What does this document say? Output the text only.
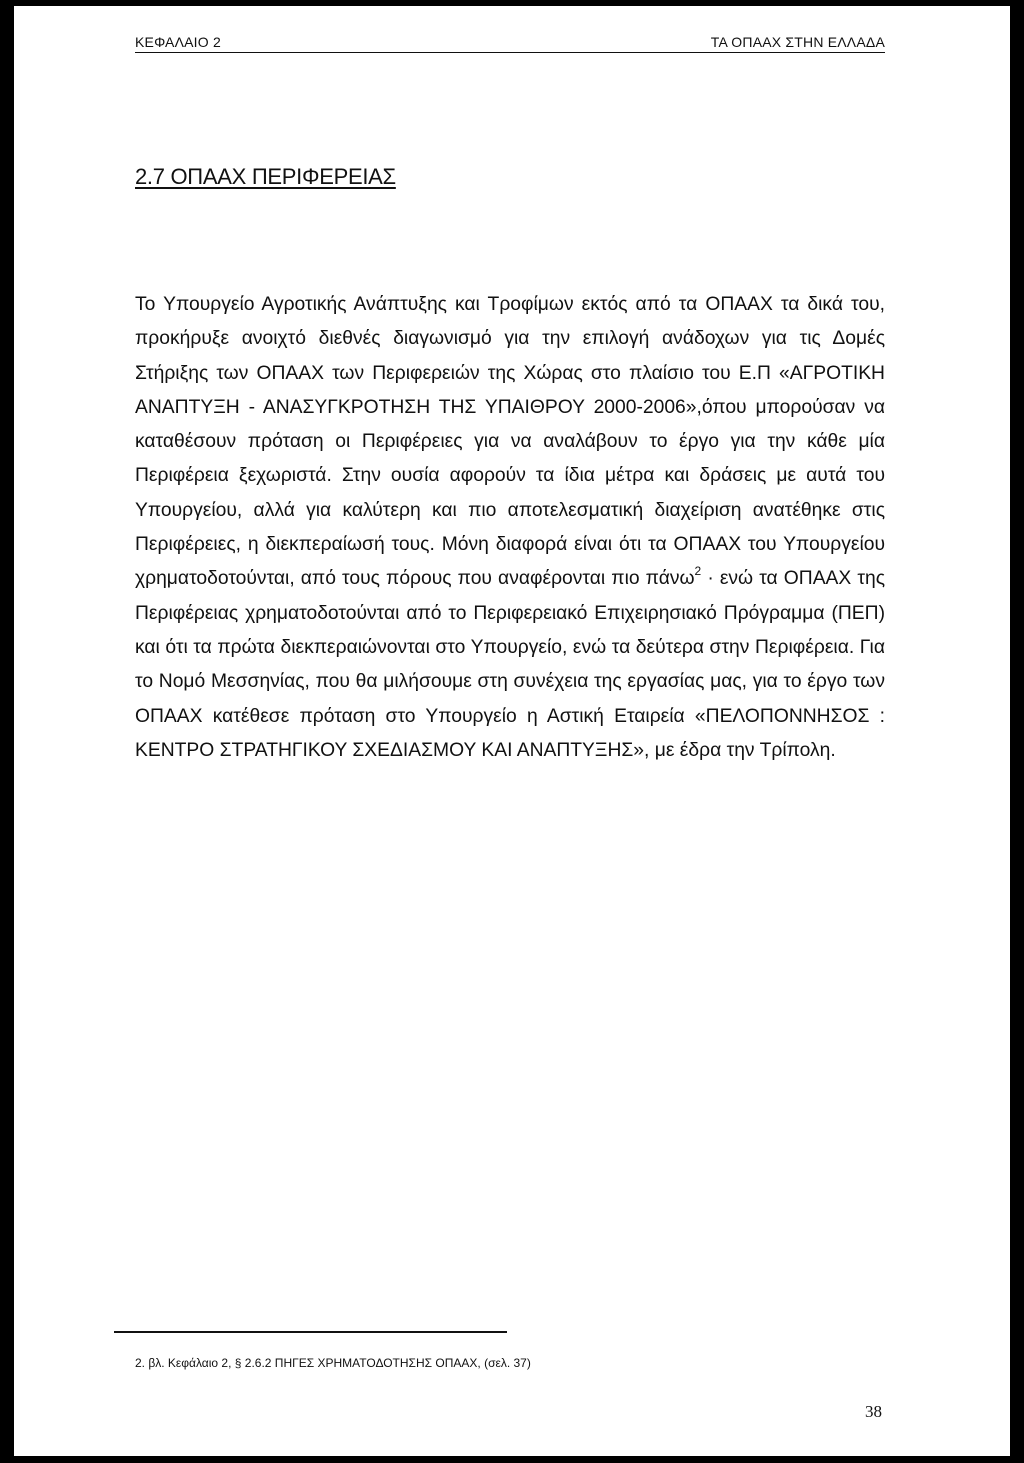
ΚΕΦΑΛΑΙΟ 2	ΤΑ ΟΠΑΑΧ ΣΤΗΝ ΕΛΛΑΔΑ
2.7 ΟΠΑΑΧ ΠΕΡΙΦΕΡΕΙΑΣ

Το Υπουργείο Αγροτικής Ανάπτυξης και Τροφίμων εκτός από τα ΟΠΑΑΧ τα δικά του, προκήρυξε ανοιχτό διεθνές διαγωνισμό για την επιλογή ανάδοχων για τις Δομές Στήριξης των ΟΠΑΑΧ των Περιφερειών της Χώρας στο πλαίσιο του Ε.Π «ΑΓΡΟΤΙΚΗ ΑΝΑΠΤΥΞΗ - ΑΝΑΣΥΓΚΡΟΤΗΣΗ ΤΗΣ ΥΠΑΙΘΡΟΥ 2000-2006»,όπου μπορούσαν να καταθέσουν πρόταση οι Περιφέρειες για να αναλάβουν το έργο για την κάθε μία Περιφέρεια ξεχωριστά. Στην ουσία αφορούν τα ίδια μέτρα και δράσεις με αυτά του Υπουργείου, αλλά για καλύτερη και πιο αποτελεσματική διαχείριση ανατέθηκε στις Περιφέρειες, η διεκπεραίωσή τους. Μόνη διαφορά είναι ότι τα ΟΠΑΑΧ του Υπουργείου χρηματοδοτούνται, από τους πόρους που αναφέρονται πιο πάνω$^2$ · ενώ τα ΟΠΑΑΧ της Περιφέρειας χρηματοδοτούνται από το Περιφερειακό Επιχειρησιακό Πρόγραμμα (ΠΕΠ) και ότι τα πρώτα διεκπεραιώνονται στο Υπουργείο, ενώ τα δεύτερα στην Περιφέρεια. Για το Νομό Μεσσηνίας, που θα μιλήσουμε στη συνέχεια της εργασίας μας, για το έργο των ΟΠΑΑΧ κατέθεσε πρόταση στο Υπουργείο η Αστική Εταιρεία «ΠΕΛΟΠΟΝΝΗΣΟΣ : ΚΕΝΤΡΟ ΣΤΡΑΤΗΓΙΚΟΥ ΣΧΕΔΙΑΣΜΟΥ ΚΑΙ ΑΝΑΠΤΥΞΗΣ», με έδρα την Τρίπολη.

2. βλ. Κεφάλαιο 2, § 2.6.2 ΠΗΓΕΣ ΧΡΗΜΑΤΟΔΟΤΗΣΗΣ ΟΠΑΑΧ, (σελ. 37)

38
